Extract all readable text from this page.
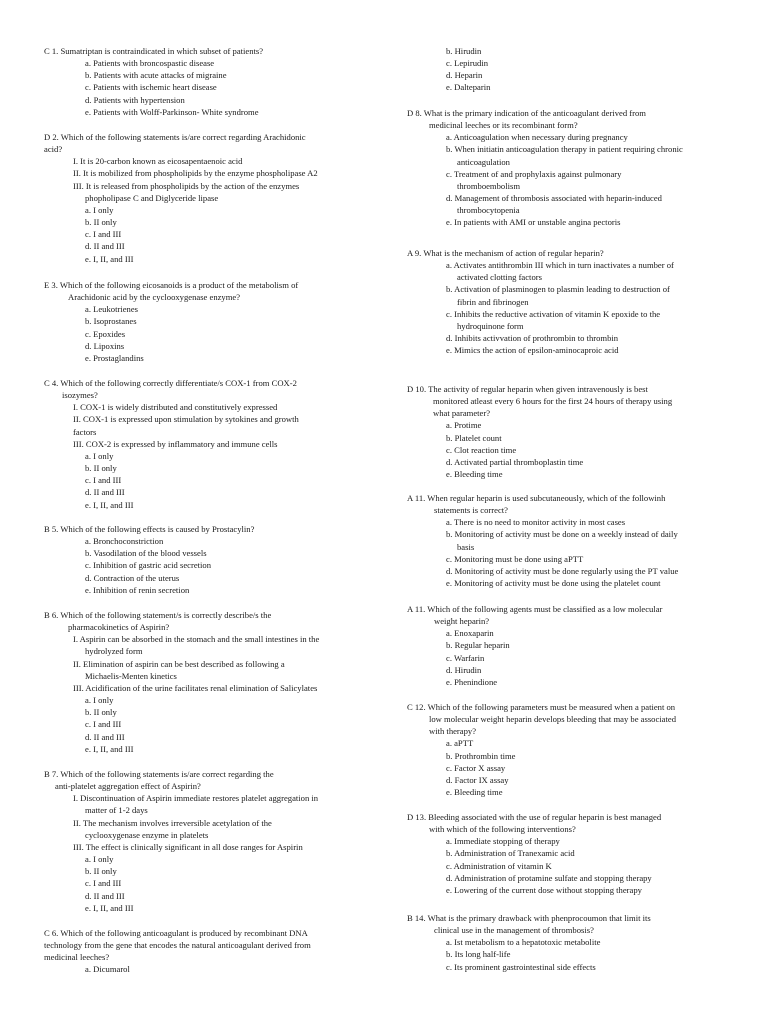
C 1. Sumatriptan is contraindicated in which subset of patients?
a. Patients with broncospastic disease
b. Patients with acute attacks of migraine
c. Patients with ischemic heart disease
d. Patients with hypertension
e. Patients with Wolff-Parkinson- White syndrome
D 2. Which of the following statements is/are correct regarding Arachidonic
acid?
I. It is 20-carbon known as eicosapentaenoic acid
II. It is mobilized from phospholipids by the enzyme phospholipase A2
III. It is released from phospholipids by the action of the enzymes
phopholipase C and Diglyceride lipase
a. I only
b. II only
c. I and III
d. II and III
e. I, II, and III
E 3. Which of the following eicosanoids is a product of the metabolism of
Arachidonic acid by the cyclooxygenase enzyme?
a. Leukotrienes
b. Isoprostanes
c. Epoxides
d. Lipoxins
e. Prostaglandins
C 4. Which of the following correctly differentiate/s COX-1 from COX-2
isozymes?
I. COX-1 is widely distributed and constitutively expressed
II. COX-1 is expressed upon stimulation by sytokines and growth
factors
III. COX-2 is expressed by inflammatory and immune cells
a. I only
b. II only
c. I and III
d. II and III
e. I, II, and III
B 5. Which of the following effects is caused by Prostacylin?
a. Bronchoconstriction
b. Vasodilation of the blood vessels
c. Inhibition of gastric acid secretion
d. Contraction of the uterus
e. Inhibition of renin secretion
B 6. Which of the following statement/s is correctly describe/s the
pharmacokinetics of Aspirin?
I. Aspirin can be absorbed in the stomach and the small intestines in the
hydrolyzed form
II. Elimination of aspirin can be best described as following a
Michaelis-Menten kinetics
III. Acidification of the urine facilitates renal elimination of Salicylates
a. I only
b. II only
c. I and III
d. II and III
e. I, II, and III
B 7. Which of the following statements is/are correct regarding the
anti-platelet aggregation effect of Aspirin?
I. Discontinuation of Aspirin immediate restores platelet aggregation in
matter of 1-2 days
II. The mechanism involves irreversible acetylation of the
cyclooxygenase enzyme in platelets
III. The effect is clinically significant in all dose ranges for Aspirin
a. I only
b. II only
c. I and III
d. II and III
e. I, II, and III
C 6. Which of the following anticoagulant is produced by recombinant DNA
technology from the gene that encodes the natural anticoagulant derived from
medicinal leeches?
a. Dicumarol
b. Hirudin
c. Lepirudin
d. Heparin
e. Dalteparin
D 8. What is the primary indication of the anticoagulant derived from
medicinal leeches or its recombinant form?
a. Anticoagulation when necessary during pregnancy
b. When initiatin anticoagulation therapy in patient requiring chronic
anticoagulation
c. Treatment of and prophylaxis against pulmonary
thromboembolism
d. Management of thrombosis associated with heparin-induced
thrombocytopenia
e. In patients with AMI or unstable angina pectoris
A 9. What is the mechanism of action of regular heparin?
a. Activates antithrombin III which in turn inactivates a number of
activated clotting factors
b. Activation of plasminogen to plasmin leading to destruction of
fibrin and fibrinogen
c. Inhibits the reductive activation of vitamin K epoxide to the
hydroquinone form
d. Inhibits activvation of prothrombin to thrombin
e. Mimics the action of epsilon-aminocaproic acid
D 10. The activity of regular heparin when given intravenously is best
monitored atleast every 6 hours for the first 24 hours of therapy using
what parameter?
a. Protime
b. Platelet count
c. Clot reaction time
d. Activated partial thromboplastin time
e. Bleeding time
A 11. When regular heparin is used subcutaneously, which of the followinh
statements is correct?
a. There is no need to monitor activity in most cases
b. Monitoring of activity must be done on a weekly instead of daily
basis
c. Monitoring must be done using aPTT
d. Monitoring of activity must be done regularly using the PT value
e. Monitoring of activity must be done using the platelet count
A 11. Which of the following agents must be classified as a low molecular
weight heparin?
a. Enoxaparin
b. Regular heparin
c. Warfarin
d. Hirudin
e. Phenindione
C 12. Which of the following parameters must be measured when a patient on
low molecular weight heparin develops bleeding that may be associated
with therapy?
a. aPTT
b. Prothrombin time
c. Factor X assay
d. Factor IX assay
e. Bleeding time
D 13. Bleeding associated with the use of regular heparin is best managed
with which of the following interventions?
a. Immediate stopping of therapy
b. Administration of Tranexamic acid
c. Administration of vitamin K
d. Administration of protamine sulfate and stopping therapy
e. Lowering of the current dose without stopping therapy
B 14. What is the primary drawback with phenprocoumon that limit its
clinical use in the management of thrombosis?
a. Ist metabolism to a hepatotoxic metabolite
b. Its long half-life
c. Its prominent gastrointestinal side effects
